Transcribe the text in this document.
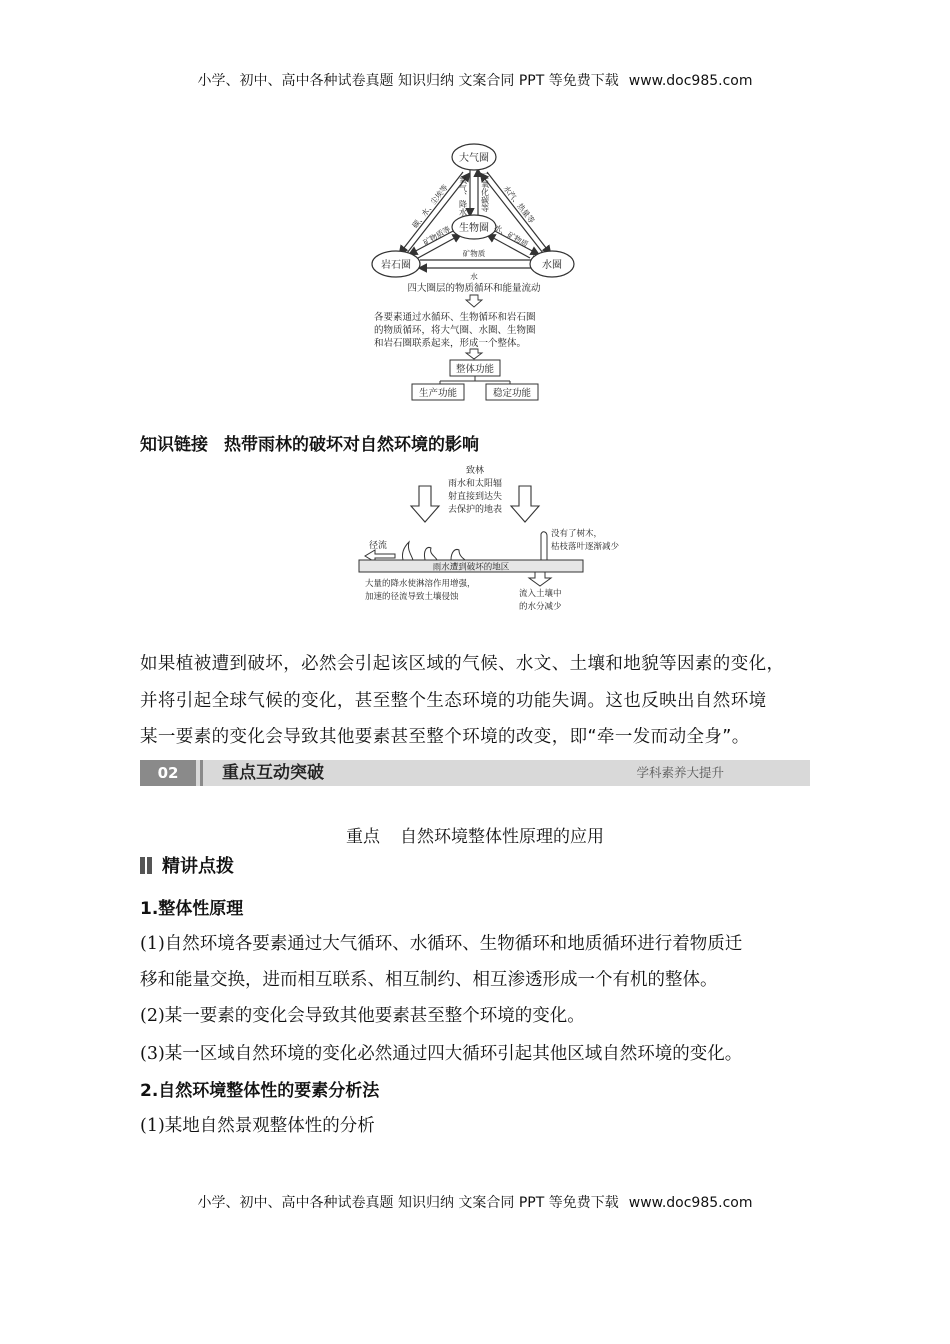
小学、初中、高中各种试卷真题 知识归纳 文案合同 PPT 等免费下载 www.doc985.com
大气圈
生物圈
岩石圈	水圈
氧气、降水 二氧化碳等
碳、水、尘埃等	水汽、热量等
矿物质等	水、矿物质
矿物质
水
四大圈层的物质循环和能量流动
各要素通过水循环、生物循环和岩石圈
的物质循环，将大气圈、水圈、生物圈
和岩石圈联系起来，形成一个整体。
整体功能
生产功能	稳定功能
知识链接 热带雨林的破坏对自然环境的影响
致林
雨水和太阳辐
射直接到达失
去保护的地表
径流
没有了树木，
枯枝落叶逐渐减少
雨水遭到破坏的地区
大量的降水使淋溶作用增强，
加速的径流导致土壤侵蚀	流入土壤中
的水分减少

如果植被遭到破坏，必然会引起该区域的气候、水文、土壤和地貌等因素的变化，

并将引起全球气候的变化，甚至整个生态环境的功能失调。这也反映出自然环境

某一要素的变化会导致其他要素甚至整个环境的改变，即“牵一发而动全身”。

02	重点互动突破	学科素养大提升
重点 自然环境整体性原理的应用
精讲点拨
1.整体性原理
(1)自然环境各要素通过大气循环、水循环、生物循环和地质循环进行着物质迁
移和能量交换，进而相互联系、相互制约、相互渗透形成一个有机的整体。
(2)某一要素的变化会导致其他要素甚至整个环境的变化。
(3)某一区域自然环境的变化必然通过四大循环引起其他区域自然环境的变化。
2.自然环境整体性的要素分析法
(1)某地自然景观整体性的分析
小学、初中、高中各种试卷真题 知识归纳 文案合同 PPT 等免费下载 www.doc985.com
